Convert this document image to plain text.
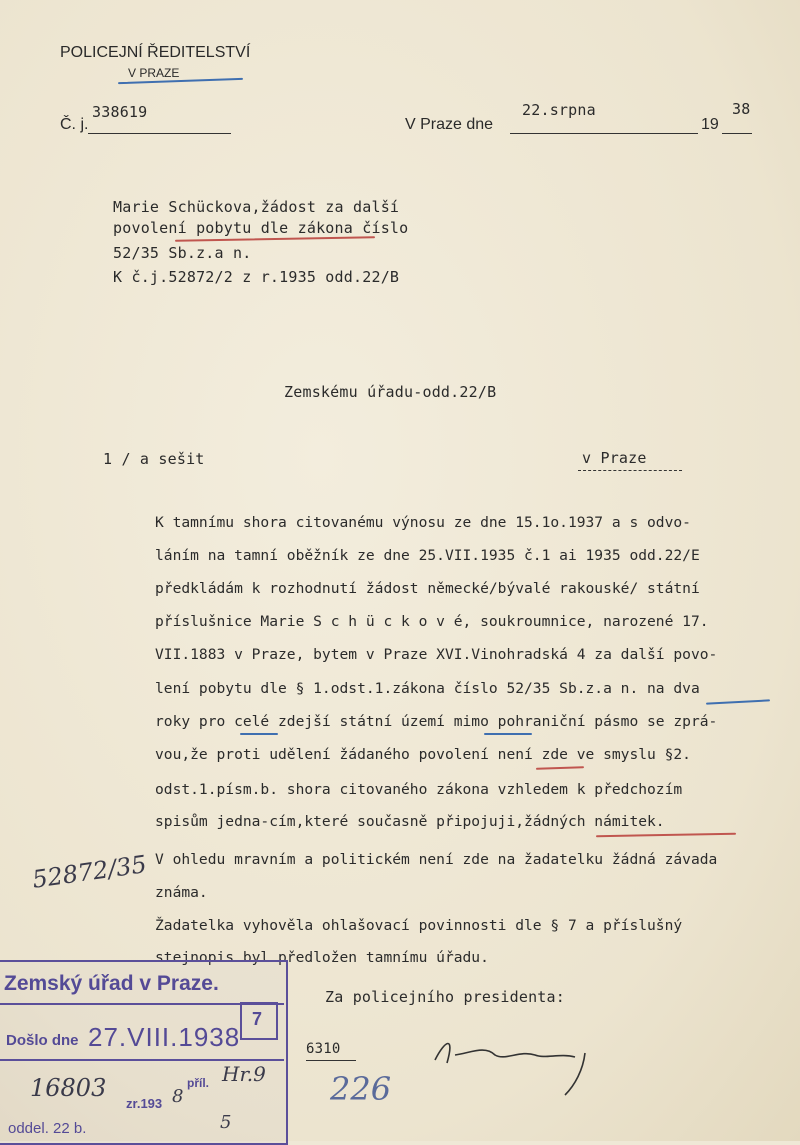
POLICEJNÍ ŘEDITELSTVÍ
V PRAZE
Č. j.
338619
V Praze dne
22.srpna
19
38
Marie Schückova,žádost za další
povolení pobytu dle zákona číslo
52/35 Sb.z.a n.
K č.j.52872/2 z r.1935 odd.22/B
Zemskému úřadu-odd.22/B
1 / a sešit	v Praze
K tamnímu shora citovanému výnosu ze dne 15.1o.1937 a s odvo-
láním na tamní oběžník ze dne 25.VII.1935 č.1 ai 1935 odd.22/E
předkládám k rozhodnutí žádost německé/bývalé rakouské/ státní
příslušnice Marie S c h ü c k o v é, soukroumnice, narozené 17.
VII.1883 v Praze, bytem v Praze XVI.Vinohradská 4 za další povo-
lení pobytu dle § 1.odst.1.zákona číslo 52/35 Sb.z.a n. na dva
roky pro celé zdejší státní území mimo pohraniční pásmo se zprá-
vou,že proti udělení žádaného povolení není zde ve smyslu §2.
odst.1.písm.b. shora citovaného zákona vzhledem k předchozím
spisům jedna-cím,které současně připojuji,žádných námitek.
V ohledu mravním a politickém není zde na žadatelku žádná závada
známa.
Žadatelka vyhověla ohlašovací povinnosti dle § 7 a příslušný
stejnopis byl předložen tamnímu úřadu.
52872/35
Za policejního presidenta:
6310
226
Zemský úřad v Praze.
Došlo dne 27.VIII.1938
7
16803
zr.193 8
příl. Hr.9
5
oddel. 22 b.
